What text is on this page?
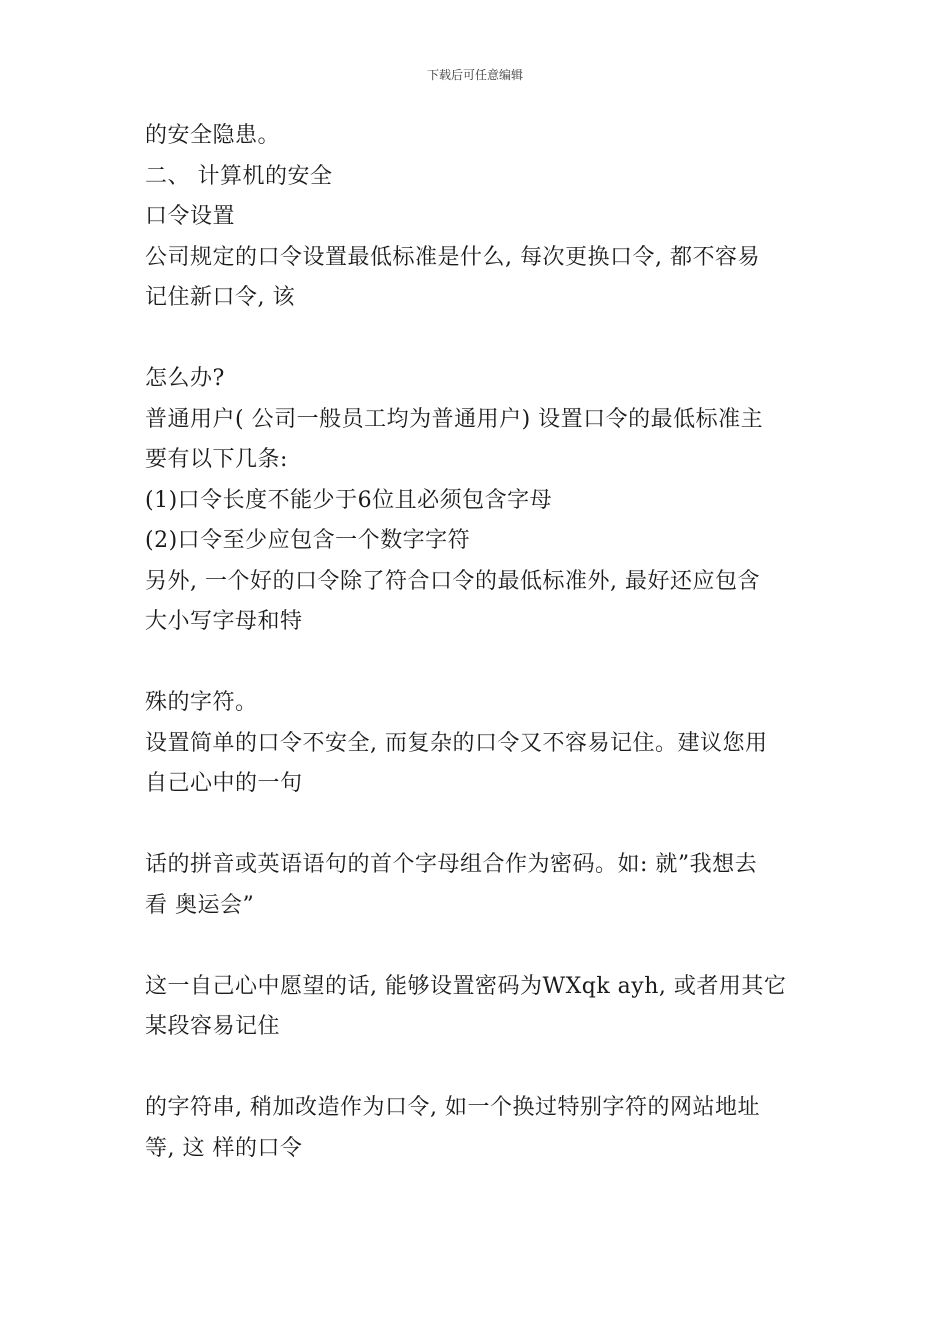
下载后可任意编辑
的安全隐患。
二、 计算机的安全
口令设置
公司规定的口令设置最低标准是什么, 每次更换口令, 都不容易
记住新口令, 该
怎么办?
普通用户( 公司一般员工均为普通用户) 设置口令的最低标准主
要有以下几条:
(1)口令长度不能少于6位且必须包含字母
(2)口令至少应包含一个数字字符
另外, 一个好的口令除了符合口令的最低标准外, 最好还应包含
大小写字母和特
殊的字符。
设置简单的口令不安全, 而复杂的口令又不容易记住。建议您用
自己心中的一句
话的拼音或英语语句的首个字母组合作为密码。如: 就”我想去
看 奥运会”
这一自己心中愿望的话, 能够设置密码为WXqk ayh, 或者用其它
某段容易记住
的字符串, 稍加改造作为口令, 如一个换过特别字符的网站地址
等, 这 样的口令
